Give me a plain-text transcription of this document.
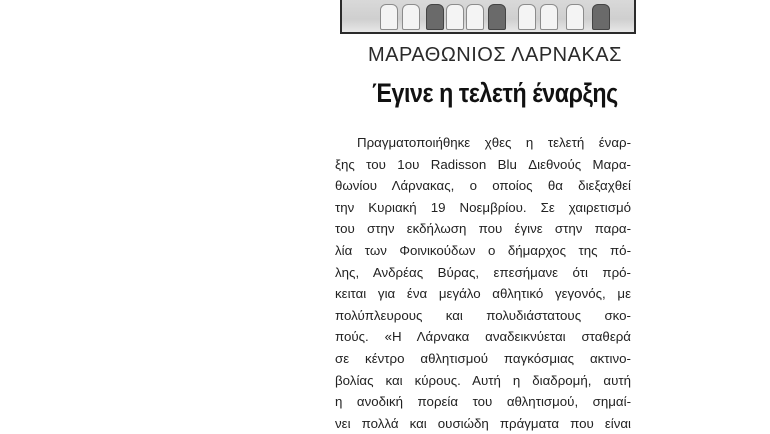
ΜΑΡΑΘΩΝΙΟΣ ΛΑΡΝΑΚΑΣ
Έγινε η τελετή έναρξης
Πραγματοποιήθηκε χθες η τελετή έναρ-
ξης του 1ου Radisson Blu Διεθνούς Μαρα-
θωνίου Λάρνακας, ο οποίος θα διεξαχθεί
την Κυριακή 19 Νοεμβρίου. Σε χαιρετισμό
του στην εκδήλωση που έγινε στην παρα-
λία των Φοινικούδων ο δήμαρχος της πό-
λης, Ανδρέας Βύρας, επεσήμανε ότι πρό-
κειται για ένα μεγάλο αθλητικό γεγονός, με
πολύπλευρους και πολυδιάστατους σκο-
πούς. «Η Λάρνακα αναδεικνύεται σταθερά
σε κέντρο αθλητισμού παγκόσμιας ακτινο-
βολίας και κύρους. Αυτή η διαδρομή, αυτή
η ανοδική πορεία του αθλητισμού, σημαί-
νει πολλά και ουσιώδη πράγματα που είναι
